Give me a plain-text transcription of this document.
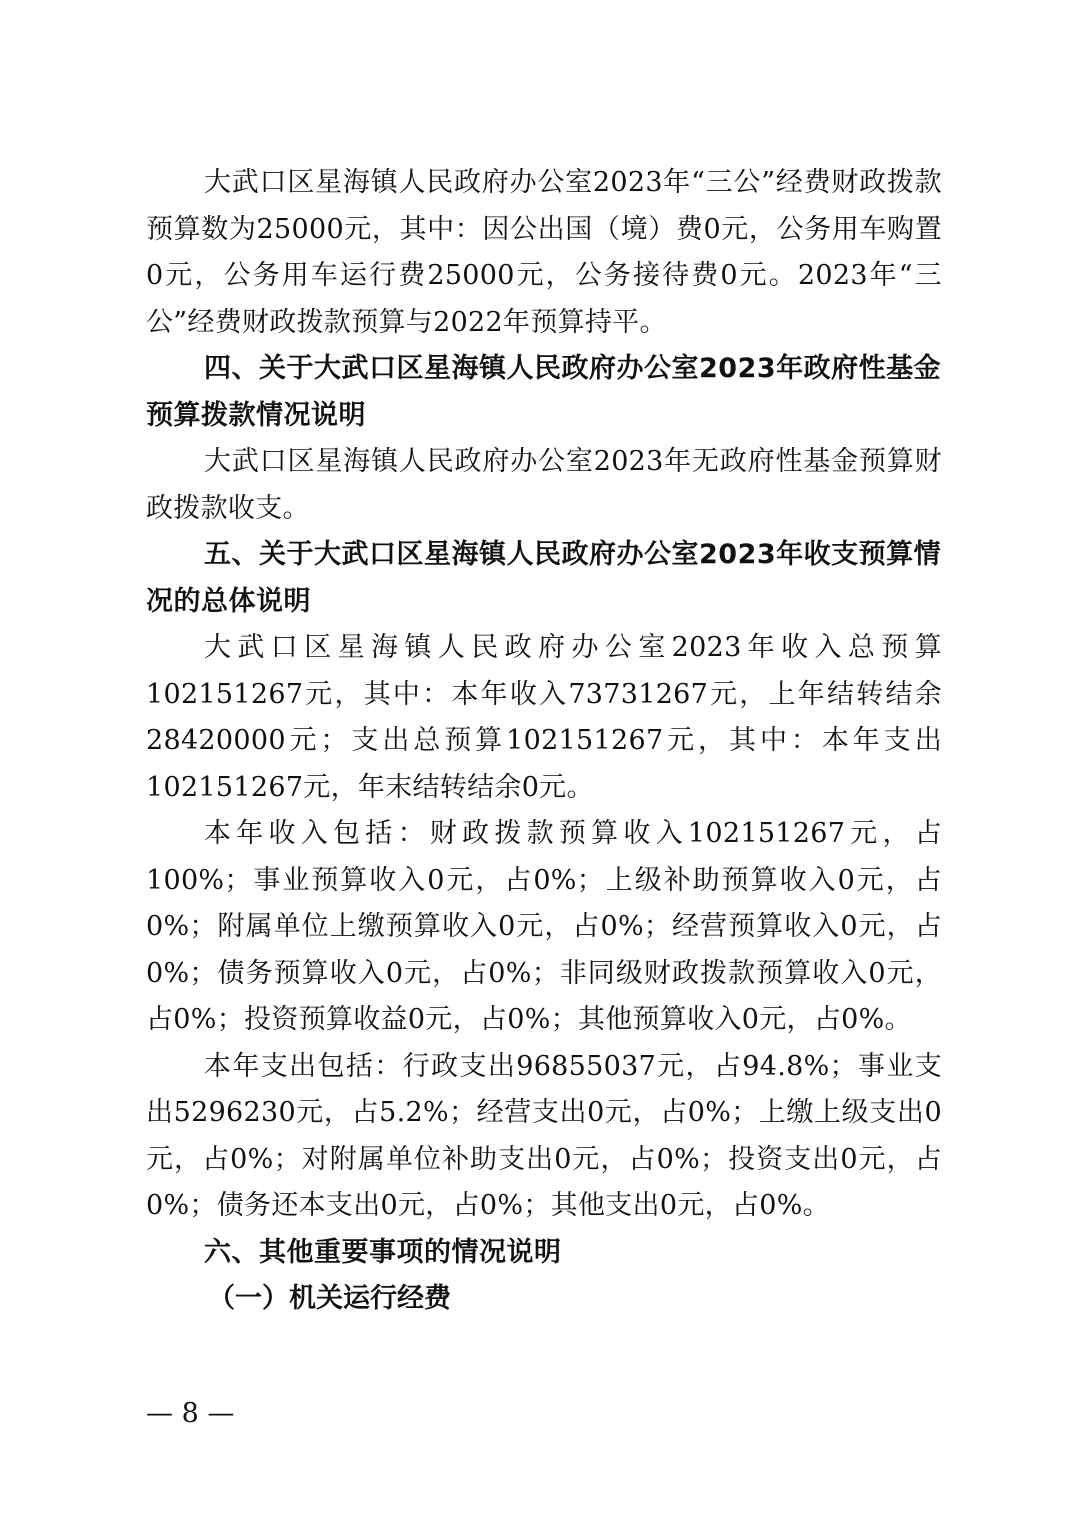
大武口区星海镇人民政府办公室2023年“三公”经费财政拨款预算数为25000元，其中：因公出国（境）费0元，公务用车购置0元，公务用车运行费25000元，公务接待费0元。2023年“三公”经费财政拨款预算与2022年预算持平。

四、关于大武口区星海镇人民政府办公室2023年政府性基金预算拨款情况说明

大武口区星海镇人民政府办公室2023年无政府性基金预算财政拨款收支。

五、关于大武口区星海镇人民政府办公室2023年收支预算情况的总体说明

大武口区星海镇人民政府办公室2023年收入总预算102151267元，其中：本年收入73731267元，上年结转结余28420000元；支出总预算102151267元，其中：本年支出102151267元，年末结转结余0元。

本年收入包括：财政拨款预算收入102151267元，占100%；事业预算收入0元，占0%；上级补助预算收入0元，占0%；附属单位上缴预算收入0元，占0%；经营预算收入0元，占0%；债务预算收入0元，占0%；非同级财政拨款预算收入0元，占0%；投资预算收益0元，占0%；其他预算收入0元，占0%。

本年支出包括：行政支出96855037元，占94.8%；事业支出5296230元，占5.2%；经营支出0元，占0%；上缴上级支出0元，占0%；对附属单位补助支出0元，占0%；投资支出0元，占0%；债务还本支出0元，占0%；其他支出0元，占0%。

六、其他重要事项的情况说明

（一）机关运行经费

— 8 —
